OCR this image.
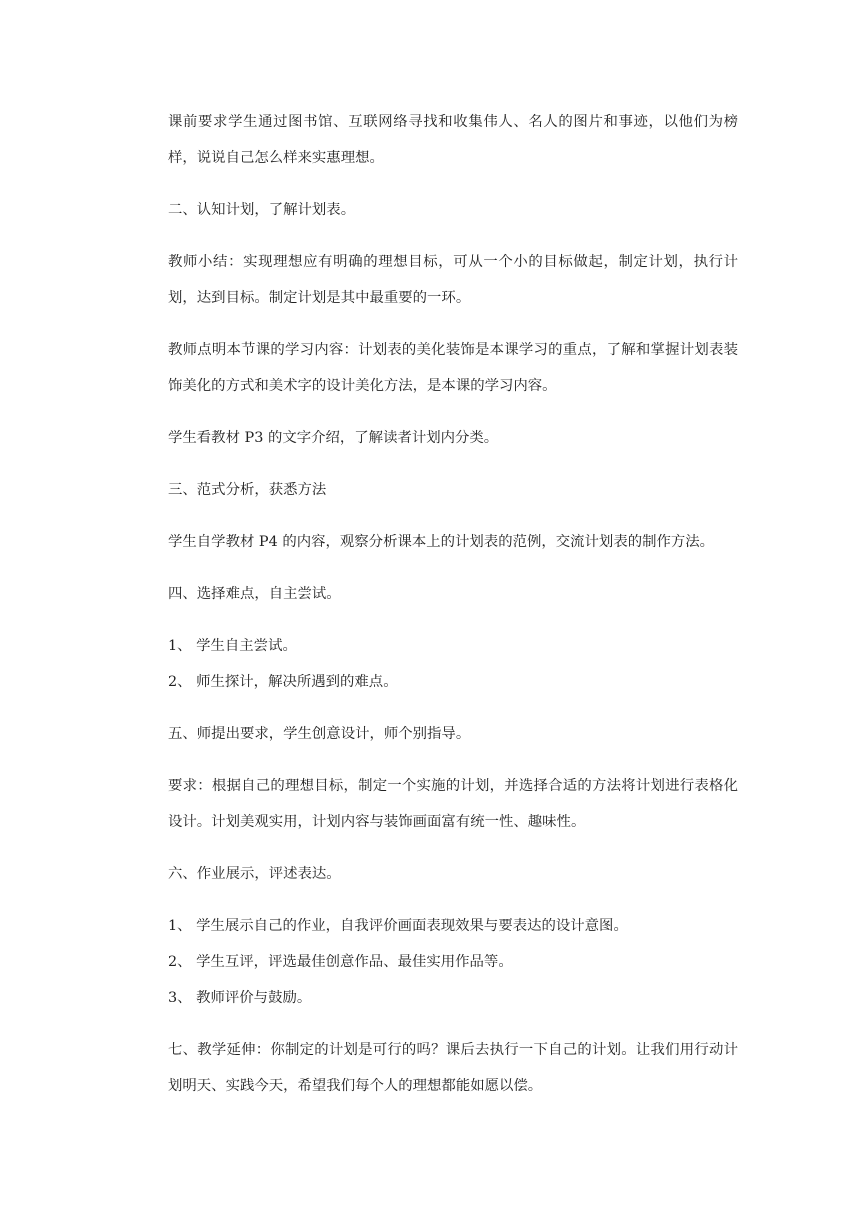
课前要求学生通过图书馆、互联网络寻找和收集伟人、名人的图片和事迹，以他们为榜样，说说自己怎么样来实惠理想。

二、认知计划，了解计划表。

教师小结：实现理想应有明确的理想目标，可从一个小的目标做起，制定计划，执行计划，达到目标。制定计划是其中最重要的一环。

教师点明本节课的学习内容：计划表的美化装饰是本课学习的重点，了解和掌握计划表装饰美化的方式和美术字的设计美化方法，是本课的学习内容。

学生看教材 P3 的文字介绍，了解读者计划内分类。

三、范式分析，获悉方法

学生自学教材 P4 的内容，观察分析课本上的计划表的范例，交流计划表的制作方法。

四、选择难点，自主尝试。

1、 学生自主尝试。

2、 师生探计，解决所遇到的难点。

五、师提出要求，学生创意设计，师个别指导。

要求：根据自己的理想目标，制定一个实施的计划，并选择合适的方法将计划进行表格化设计。计划美观实用，计划内容与装饰画面富有统一性、趣味性。

六、作业展示，评述表达。

1、 学生展示自己的作业，自我评价画面表现效果与要表达的设计意图。

2、 学生互评，评选最佳创意作品、最佳实用作品等。

3、 教师评价与鼓励。

七、教学延伸：你制定的计划是可行的吗？课后去执行一下自己的计划。让我们用行动计划明天、实践今天，希望我们每个人的理想都能如愿以偿。
